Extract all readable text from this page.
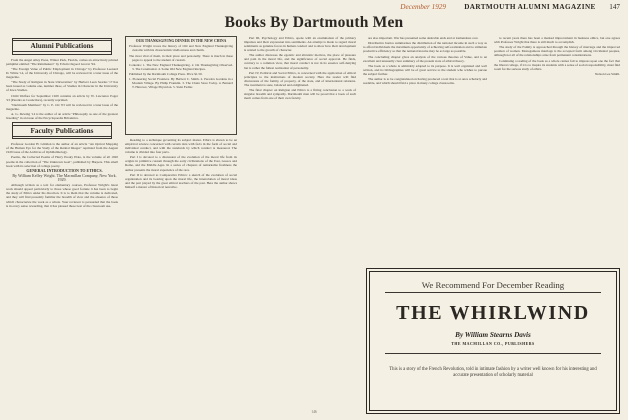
December 1929	DARTMOUTH ALUMNI MAGAZINE	147
Books By Dartmouth Men
Alumni Publications

From the Angel Alley Press, Winter Park, Florida, comes an attractively printed pamphlet entitled "The Rainmakers" by Edwin Osgood Grover '94.

"The Foreign Value of Public Employment in Chicago" by Professor Leonard D. White '14, of the University of Chicago, will be reviewed in a later issue of the magazine.

"The Study of Religion in State Universities" by Herbert Leon Searles '17 has been issued as volume one, number three, of Studies in Character in the University of Iowa Studies.

Child Welfare for September 1929 contains an article by W. Lawrence Eager '23 (Parents as Councilors), recently reprinted.

"Dartmouth Members" by C. E. Orr '03 will be reviewed in a later issue of the magazine.

A. G. Dewing '14 is the author of an article "Philosophy as one of the greatest breeding" in an issue of the Encyclopaedia Britannica.

Faculty Publications

Professor Gordon H. Gliddon is the author of an article "An Optical Mapping of the Human Eye for the Study of the Retinal Images" reprinted from the August 1929 issue of the Archives of Ophthalmology.

Poems, the Collected Poems of Harry Prouty Plate, is the volume of all 1920 poems in the collection of "The Unknown Goal", published by Harpers. This small book with its selection of college poetry.

GENERAL INTRODUCTION TO ETHICS.

By William Kelley Wright. The Macmillan Company, New York. 1929.

Although written as a text for elementary courses, Professor Wright's latest work should appeal particularly to those whose good fortune it has been to begin the study of Ethics under his direction. It is to them that the volume is dedicated, and they will find presently familiar the breadth of view and the absence of those which characterize the work as a whole. Your reviewer is persuaded that the book is in every sense rewarding, that it has pleased those best of the classroom use.

OUR THANKSGIVING DINNER IN THE NEW CHINA

Professor Wright traces the history of Old and New England Thanksgiving customs with his characteristic mellowness and charm.

The most vital of them, in their place and personally. There is much in these pages to appeal to the student of custom.

Contents: 1. The New England Thanksgiving. 2. On Thanksgiving Observed. 3. The Ceremonial. 4. Some Old New England Recipes.

Published by the Dartmouth College Press. Price $1.50.

1. Pioneering Social Frontiers. By Herbert C. Smith. 2. Paradox Gardens in a Moslem Village. By Philip Franklin. 3. The Chain Store Today. 4. Bernard T. Hanover, Village Physician. 5. Stein Fedler.

Reading to a technique governing its subject matter. Ethics is shown to be an empirical science concerned with certain data with facts in the form of social and individual conduct, and with the standards by which conduct is measured. The volume is divided into four parts.

Part I is devoted to a discussion of the evolution of the moral life from its origins in primitive custom through the early civilizations of the East, Greece and Rome, and the Middle Ages. In a series of chapters of remarkable freshness the author presents the moral experience of the race.

Part II is devoted to Comparative Ethics: a sketch of the evolution of social organization and its bearing upon the moral life, the interrelation of moral ideas and the part played by the great ethical teachers of the past. Here the author shows himself a master of historical narrative.

Part III, Psychology and Ethics, opens with an examination of the primary impulses and their expression into sentiments. An attempt is made to regard moral sentiments as genuine forces in human conduct and to show how their development is related to the growth of character.

The author discusses the egoistic and altruistic motives, the place of pleasure and pain in the moral life, and the significance of social approval. He finds, contrary to a common view, that moral conduct is not in its essence self-denying but is rather the fullest realization of personality.

Part IV, Political and Social Ethics, is concerned with the application of ethical principles to the institutions of modern society. Here the reader will find discussions of the family, of property, of the state, and of international relations. The treatment is sane, balanced and enlightened.

The final chapter on Religion and Ethics is a fitting conclusion to a work of singular breadth and sympathy. Dartmouth men will be proud that a book of such merit comes from one of their own faculty.

are also important. War has presented some desirable ends and at tremendous cost.

Distributive Justice summarizes the distribution of the national income in such a way as to afford individuals the maximum opportunity of achieving self-realization and to stimulate productive efficiency so that the national income may be as large as possible.

The concluding chapter gives an analysis of the various theories of Value, and is an excellent and unusually clear summary of the present state of ethical theory.

The book as a whole is admirably adapted to its purpose. It is well organized and well written, and its bibliographies will be of great service to the student who wishes to pursue the subject further.

The author is to be congratulated on having produced a text that is at once scholarly and readable, and which should find a place in many college classrooms.

to recent years there has been a marked improvement in business ethics, but one agrees with Professor Wright that there is still much to accomplish.

The study of the Family is approached through the history of marriage and the improved position of women. Monogamous marriage is the accepted form among Occidental peoples, although not all of the relationships arise from permanent considerations.

Continuing a reading of the book as a whole cannot fail to impress upon one the fact that the liberal college, if it is to inspire its students with a sense of social responsibility, must find room for the serious study of ethics.

Nelson Lee Smith.

We Recommend For December Reading
THE WHIRLWIND
By William Stearns Davis
THE MACMILLAN CO., PUBLISHERS
This is a story of the French Revolution, told in intimate fashion by a writer well known for his interesting and accurate presentation of scholarly material
146
